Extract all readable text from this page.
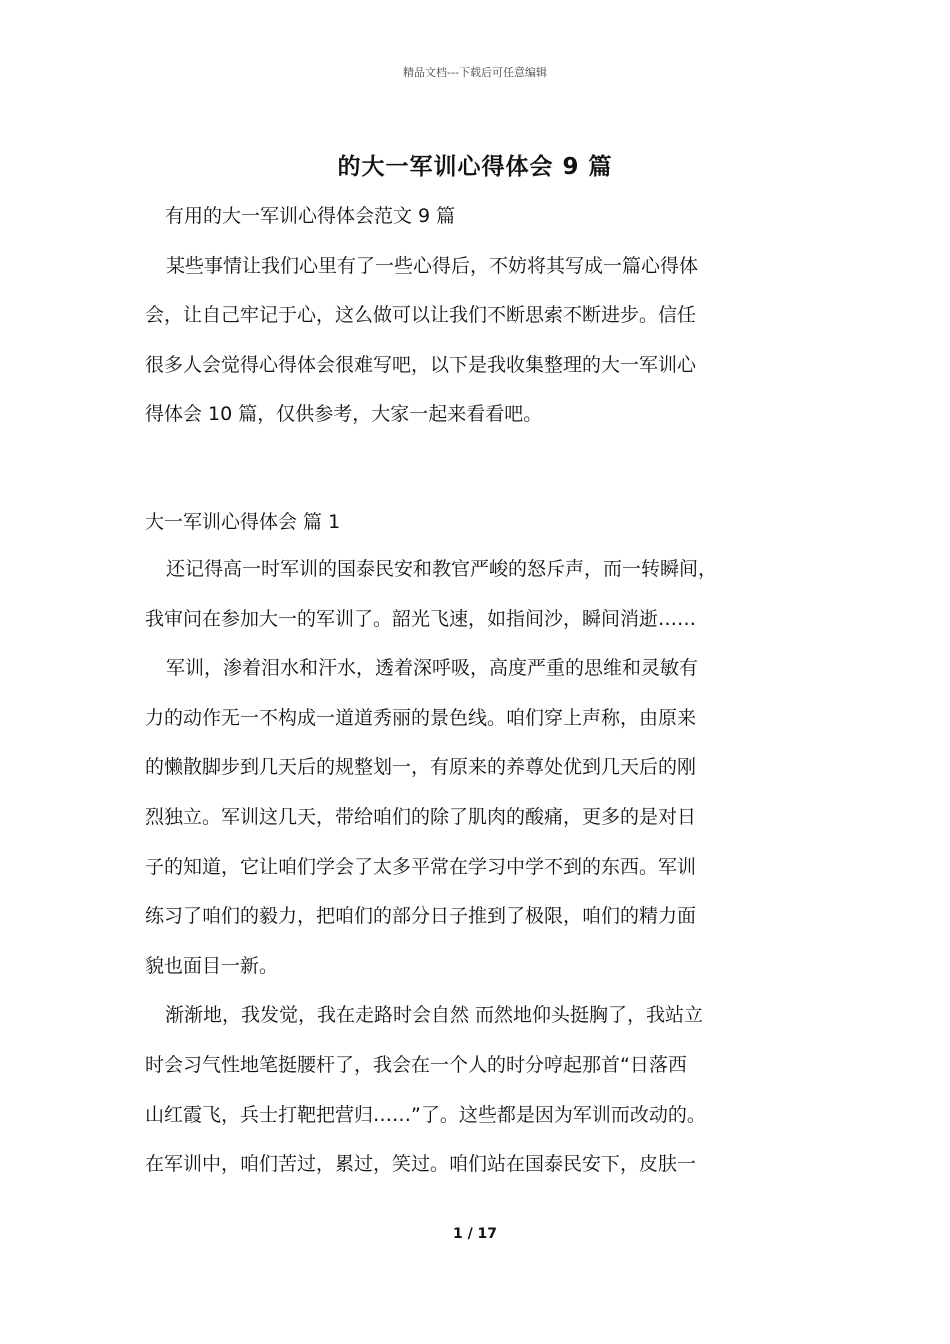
精品文档---下载后可任意编辑
的大一军训心得体会 9 篇
有用的大一军训心得体会范文 9 篇
某些事情让我们心里有了一些心得后，不妨将其写成一篇心得体
会，让自己牢记于心，这么做可以让我们不断思索不断进步。信任
很多人会觉得心得体会很难写吧，以下是我收集整理的大一军训心
得体会 10 篇，仅供参考，大家一起来看看吧。
大一军训心得体会 篇 1
还记得高一时军训的国泰民安和教官严峻的怒斥声，而一转瞬间，
我审问在参加大一的军训了。韶光飞速，如指间沙，瞬间消逝……
军训，渗着泪水和汗水，透着深呼吸，高度严重的思维和灵敏有
力的动作无一不构成一道道秀丽的景色线。咱们穿上声称，由原来
的懒散脚步到几天后的规整划一，有原来的养尊处优到几天后的刚
烈独立。军训这几天，带给咱们的除了肌肉的酸痛，更多的是对日
子的知道，它让咱们学会了太多平常在学习中学不到的东西。军训
练习了咱们的毅力，把咱们的部分日子推到了极限，咱们的精力面
貌也面目一新。
渐渐地，我发觉，我在走路时会自然 而然地仰头挺胸了，我站立
时会习气性地笔挺腰杆了，我会在一个人的时分哼起那首“日落西
山红霞飞，兵士打靶把营归……”了。这些都是因为军训而改动的。
在军训中，咱们苦过，累过，笑过。咱们站在国泰民安下，皮肤一
1 / 17
